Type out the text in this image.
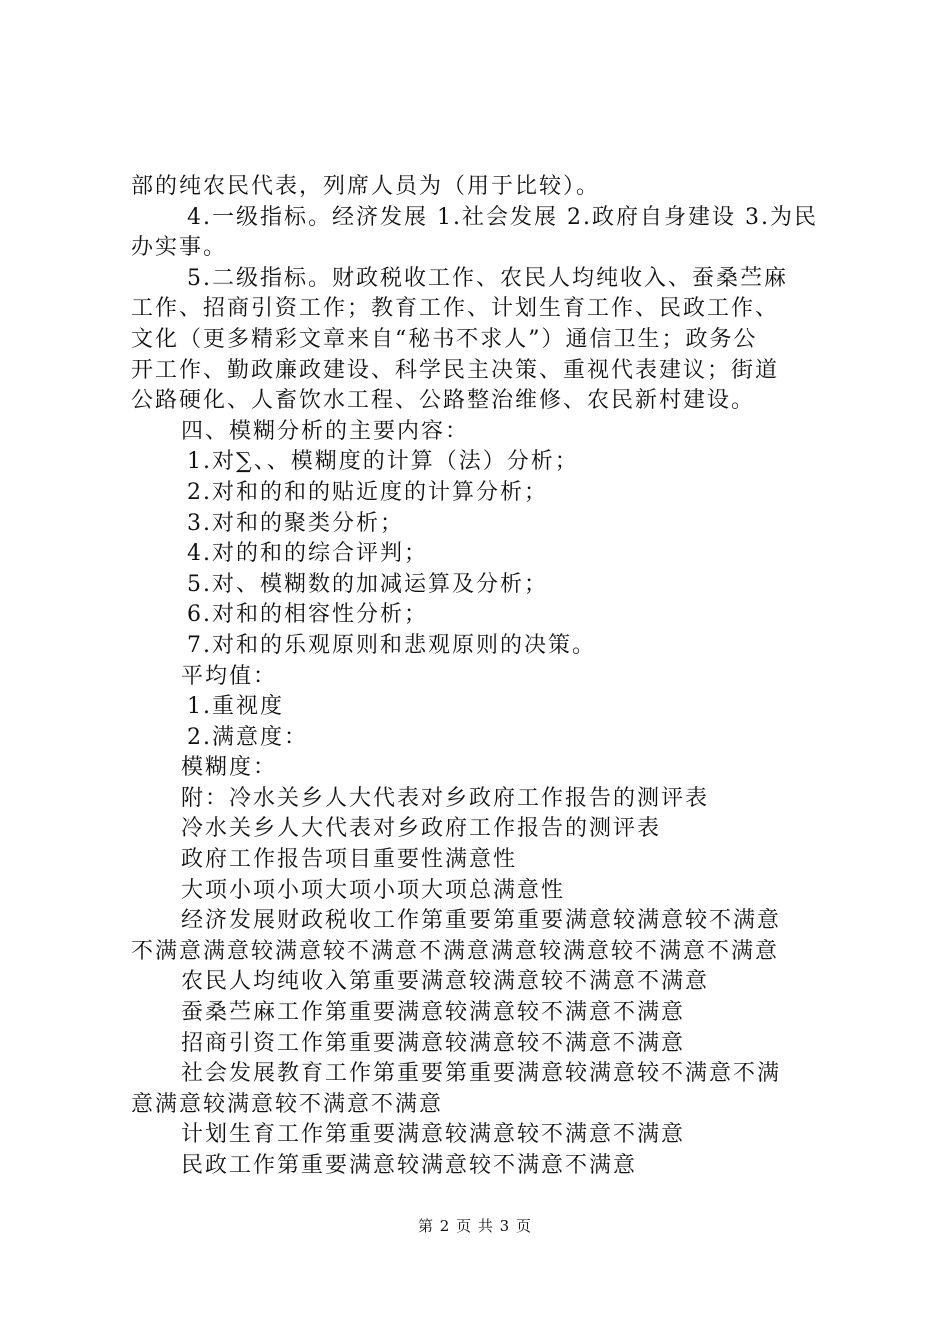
部的纯农民代表，列席人员为（用于比较）。
4.一级指标。经济发展 1.社会发展 2.政府自身建设 3.为民
办实事。
5.二级指标。财政税收工作、农民人均纯收入、蚕桑苎麻
工作、招商引资工作；教育工作、计划生育工作、民政工作、
文化（更多精彩文章来自“秘书不求人”）通信卫生；政务公
开工作、勤政廉政建设、科学民主决策、重视代表建议；街道
公路硬化、人畜饮水工程、公路整治维修、农民新村建设。
四、模糊分析的主要内容：
1.对∑、、模糊度的计算（法）分析；
2.对和的和的贴近度的计算分析；
3.对和的聚类分析；
4.对的和的综合评判；
5.对、模糊数的加减运算及分析；
6.对和的相容性分析；
7.对和的乐观原则和悲观原则的决策。
平均值：
1.重视度
2.满意度：
模糊度：
附：冷水关乡人大代表对乡政府工作报告的测评表
冷水关乡人大代表对乡政府工作报告的测评表
政府工作报告项目重要性满意性
大项小项小项大项小项大项总满意性
经济发展财政税收工作第重要第重要满意较满意较不满意
不满意满意较满意较不满意不满意满意较满意较不满意不满意
农民人均纯收入第重要满意较满意较不满意不满意
蚕桑苎麻工作第重要满意较满意较不满意不满意
招商引资工作第重要满意较满意较不满意不满意
社会发展教育工作第重要第重要满意较满意较不满意不满
意满意较满意较不满意不满意
计划生育工作第重要满意较满意较不满意不满意
民政工作第重要满意较满意较不满意不满意
第 2 页 共 3 页
